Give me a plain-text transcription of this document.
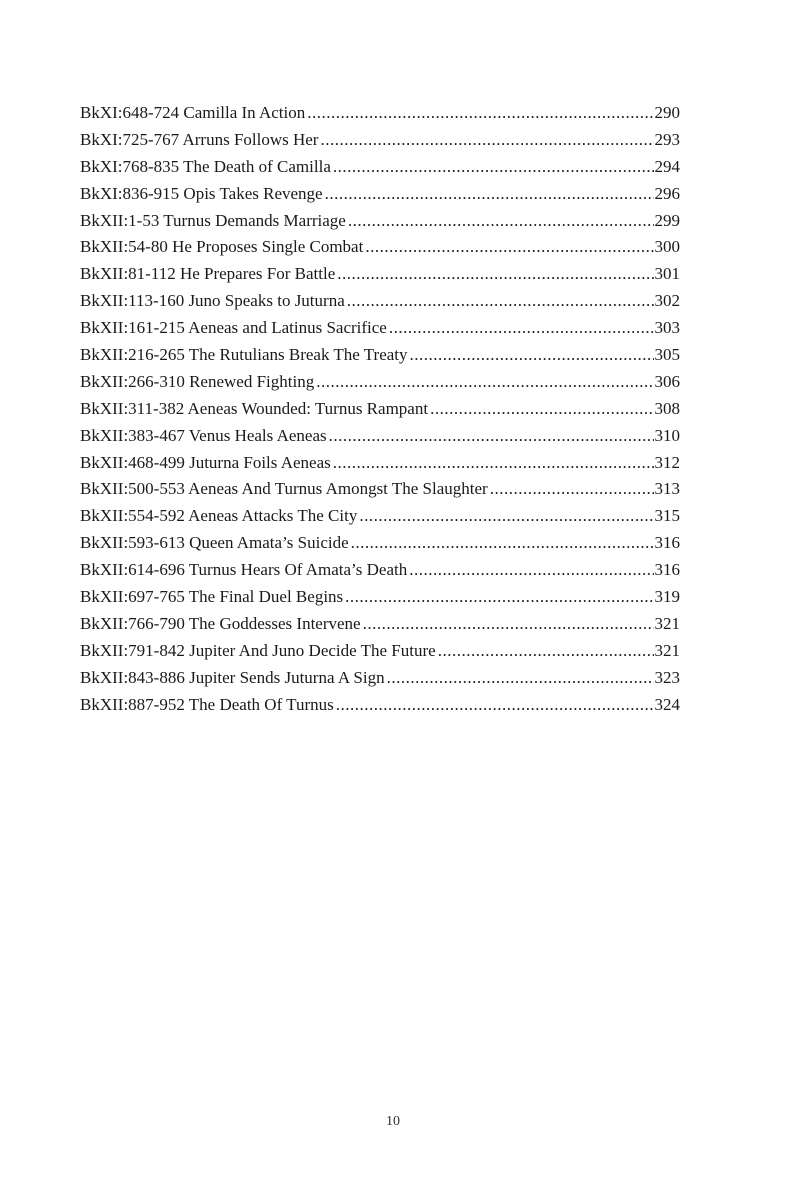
BkXI:648-724 Camilla In Action .....	290
BkXI:725-767 Arruns Follows Her .....	293
BkXI:768-835 The Death of Camilla .....	294
BkXI:836-915 Opis Takes Revenge .....	296
BkXII:1-53 Turnus Demands Marriage .....	299
BkXII:54-80 He Proposes Single Combat .....	300
BkXII:81-112 He Prepares For Battle .....	301
BkXII:113-160 Juno Speaks to Juturna .....	302
BkXII:161-215 Aeneas and Latinus Sacrifice .....	303
BkXII:216-265 The Rutulians Break The Treaty .....	305
BkXII:266-310 Renewed Fighting .....	306
BkXII:311-382 Aeneas Wounded: Turnus Rampant .....	308
BkXII:383-467 Venus Heals Aeneas .....	310
BkXII:468-499 Juturna Foils Aeneas .....	312
BkXII:500-553 Aeneas And Turnus Amongst The Slaughter .....	313
BkXII:554-592 Aeneas Attacks The City .....	315
BkXII:593-613 Queen Amata’s Suicide .....	316
BkXII:614-696 Turnus Hears Of Amata’s Death .....	316
BkXII:697-765 The Final Duel Begins .....	319
BkXII:766-790 The Goddesses Intervene .....	321
BkXII:791-842 Jupiter And Juno Decide The Future .....	321
BkXII:843-886 Jupiter Sends Juturna A Sign .....	323
BkXII:887-952 The Death Of Turnus .....	324
10
